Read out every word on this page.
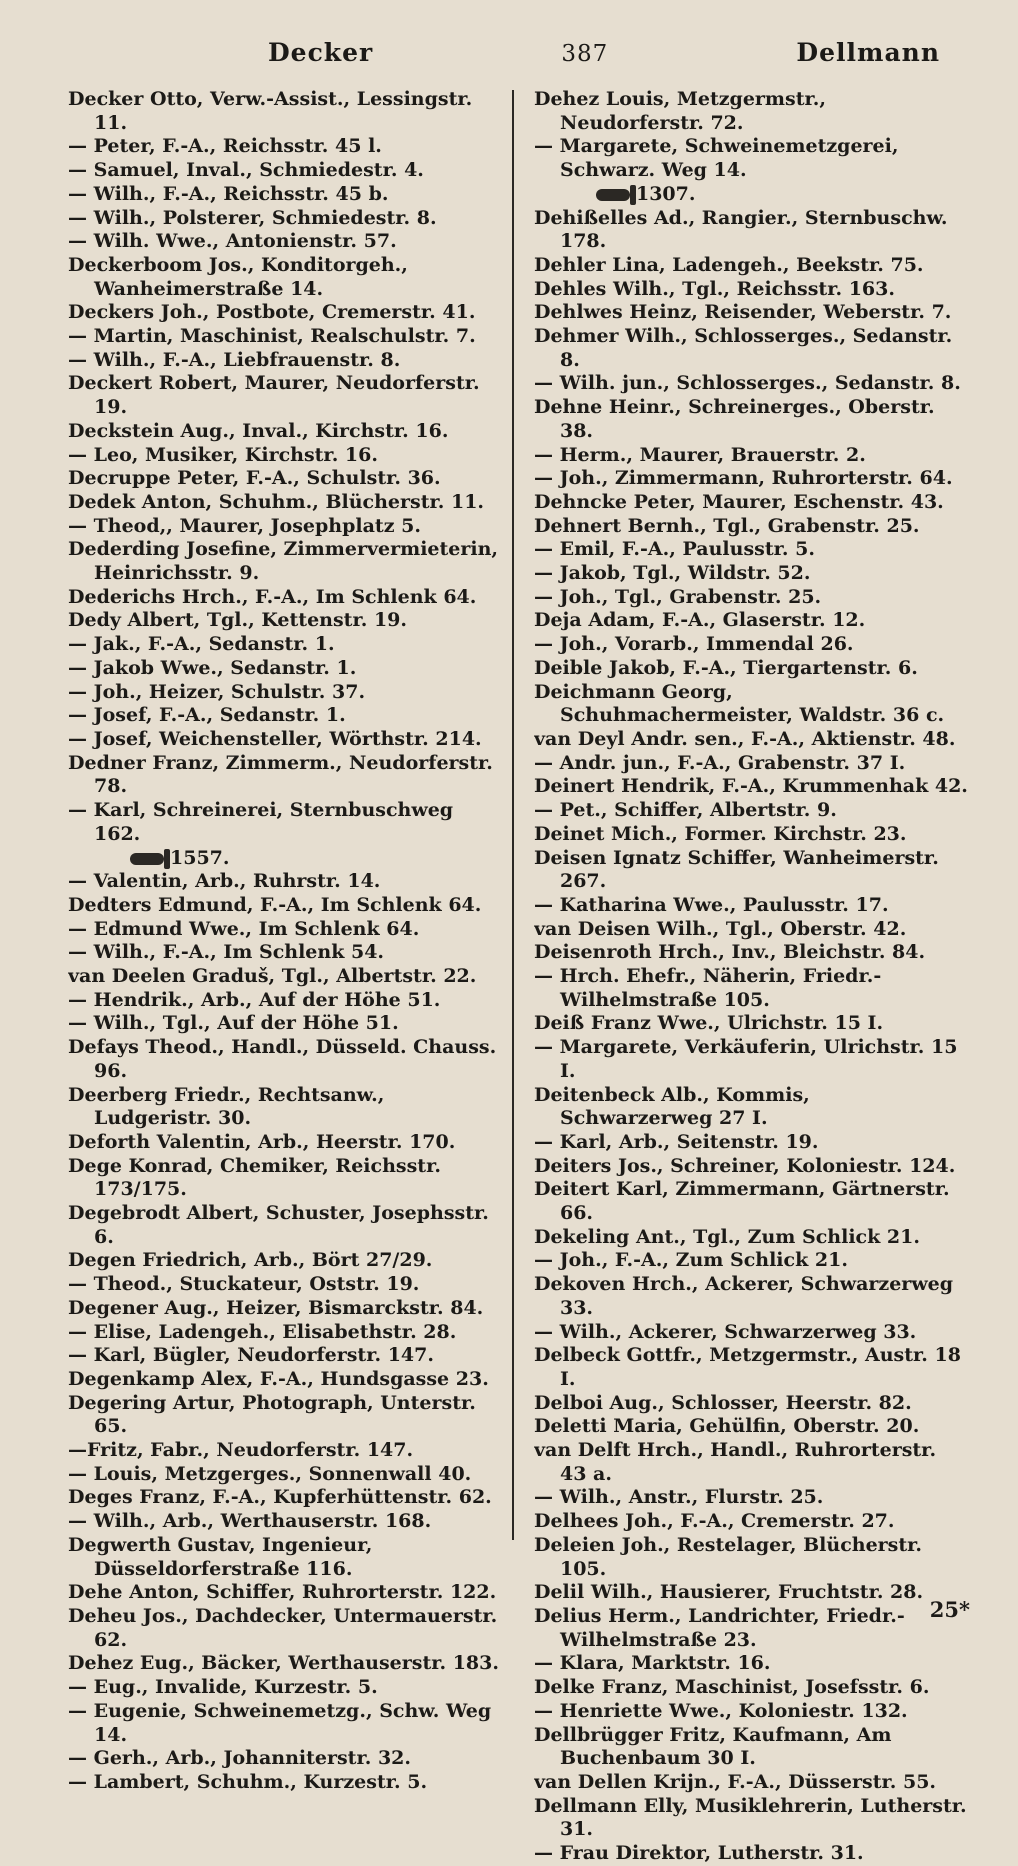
Decker	387	Dellmann
Decker Otto, Verw.-Assist., Lessingstr. 11.
— Peter, F.-A., Reichsstr. 45 l.
— Samuel, Inval., Schmiedestr. 4.
— Wilh., F.-A., Reichsstr. 45 b.
— Wilh., Polsterer, Schmiedestr. 8.
— Wilh. Wwe., Antonienstr. 57.
Deckerboom Jos., Konditorgeh., Wanheimerstraße 14.
Deckers Joh., Postbote, Cremerstr. 41.
— Martin, Maschinist, Realschulstr. 7.
— Wilh., F.-A., Liebfrauenstr. 8.
Deckert Robert, Maurer, Neudorferstr. 19.
Deckstein Aug., Inval., Kirchstr. 16.
— Leo, Musiker, Kirchstr. 16.
Decruppe Peter, F.-A., Schulstr. 36.
Dedek Anton, Schuhm., Blücherstr. 11.
— Theod,, Maurer, Josephplatz 5.
Dederding Josefine, Zimmervermieterin, Heinrichsstr. 9.
Dederichs Hrch., F.-A., Im Schlenk 64.
Dedy Albert, Tgl., Kettenstr. 19.
— Jak., F.-A., Sedanstr. 1.
— Jakob Wwe., Sedanstr. 1.
— Joh., Heizer, Schulstr. 37.
— Josef, F.-A., Sedanstr. 1.
— Josef, Weichensteller, Wörthstr. 214.
Dedner Franz, Zimmerm., Neudorferstr. 78.
— Karl, Schreinerei, Sternbuschweg 162.
1557.
— Valentin, Arb., Ruhrstr. 14.
Dedters Edmund, F.-A., Im Schlenk 64.
— Edmund Wwe., Im Schlenk 64.
— Wilh., F.-A., Im Schlenk 54.
van Deelen Graduš, Tgl., Albertstr. 22.
— Hendrik., Arb., Auf der Höhe 51.
— Wilh., Tgl., Auf der Höhe 51.
Defays Theod., Handl., Düsseld. Chauss. 96.
Deerberg Friedr., Rechtsanw., Ludgeristr. 30.
Deforth Valentin, Arb., Heerstr. 170.
Dege Konrad, Chemiker, Reichsstr. 173/175.
Degebrodt Albert, Schuster, Josephsstr. 6.
Degen Friedrich, Arb., Bört 27/29.
— Theod., Stuckateur, Oststr. 19.
Degener Aug., Heizer, Bismarckstr. 84.
— Elise, Ladengeh., Elisabethstr. 28.
— Karl, Bügler, Neudorferstr. 147.
Degenkamp Alex, F.-A., Hundsgasse 23.
Degering Artur, Photograph, Unterstr. 65.
—Fritz, Fabr., Neudorferstr. 147.
— Louis, Metzgerges., Sonnenwall 40.
Deges Franz, F.-A., Kupferhüttenstr. 62.
— Wilh., Arb., Werthauserstr. 168.
Degwerth Gustav, Ingenieur, Düsseldorferstraße 116.
Dehe Anton, Schiffer, Ruhrorterstr. 122.
Deheu Jos., Dachdecker, Untermauerstr. 62.
Dehez Eug., Bäcker, Werthauserstr. 183.
— Eug., Invalide, Kurzestr. 5.
— Eugenie, Schweinemetzg., Schw. Weg 14.
— Gerh., Arb., Johanniterstr. 32.
— Lambert, Schuhm., Kurzestr. 5.
Dehez Louis, Metzgermstr., Neudorferstr. 72.
— Margarete, Schweinemetzgerei, Schwarz. Weg 14.
1307.
Dehißelles Ad., Rangier., Sternbuschw. 178.
Dehler Lina, Ladengeh., Beekstr. 75.
Dehles Wilh., Tgl., Reichsstr. 163.
Dehlwes Heinz, Reisender, Weberstr. 7.
Dehmer Wilh., Schlosserges., Sedanstr. 8.
— Wilh. jun., Schlosserges., Sedanstr. 8.
Dehne Heinr., Schreinerges., Oberstr. 38.
— Herm., Maurer, Brauerstr. 2.
— Joh., Zimmermann, Ruhrorterstr. 64.
Dehncke Peter, Maurer, Eschenstr. 43.
Dehnert Bernh., Tgl., Grabenstr. 25.
— Emil, F.-A., Paulusstr. 5.
— Jakob, Tgl., Wildstr. 52.
— Joh., Tgl., Grabenstr. 25.
Deja Adam, F.-A., Glaserstr. 12.
— Joh., Vorarb., Immendal 26.
Deible Jakob, F.-A., Tiergartenstr. 6.
Deichmann Georg, Schuhmachermeister, Waldstr. 36 c.
van Deyl Andr. sen., F.-A., Aktienstr. 48.
— Andr. jun., F.-A., Grabenstr. 37 I.
Deinert Hendrik, F.-A., Krummenhak 42.
— Pet., Schiffer, Albertstr. 9.
Deinet Mich., Former. Kirchstr. 23.
Deisen Ignatz Schiffer, Wanheimerstr. 267.
— Katharina Wwe., Paulusstr. 17.
van Deisen Wilh., Tgl., Oberstr. 42.
Deisenroth Hrch., Inv., Bleichstr. 84.
— Hrch. Ehefr., Näherin, Friedr.-Wilhelmstraße 105.
Deiß Franz Wwe., Ulrichstr. 15 I.
— Margarete, Verkäuferin, Ulrichstr. 15 I.
Deitenbeck Alb., Kommis, Schwarzerweg 27 I.
— Karl, Arb., Seitenstr. 19.
Deiters Jos., Schreiner, Koloniestr. 124.
Deitert Karl, Zimmermann, Gärtnerstr. 66.
Dekeling Ant., Tgl., Zum Schlick 21.
— Joh., F.-A., Zum Schlick 21.
Dekoven Hrch., Ackerer, Schwarzerweg 33.
— Wilh., Ackerer, Schwarzerweg 33.
Delbeck Gottfr., Metzgermstr., Austr. 18 I.
Delboi Aug., Schlosser, Heerstr. 82.
Deletti Maria, Gehülfin, Oberstr. 20.
van Delft Hrch., Handl., Ruhrorterstr. 43 a.
— Wilh., Anstr., Flurstr. 25.
Delhees Joh., F.-A., Cremerstr. 27.
Deleien Joh., Restelager, Blücherstr. 105.
Delil Wilh., Hausierer, Fruchtstr. 28.
Delius Herm., Landrichter, Friedr.-Wilhelmstraße 23.
— Klara, Marktstr. 16.
Delke Franz, Maschinist, Josefsstr. 6.
— Henriette Wwe., Koloniestr. 132.
Dellbrügger Fritz, Kaufmann, Am Buchenbaum 30 I.
van Dellen Krijn., F.-A., Düsserstr. 55.
Dellmann Elly, Musiklehrerin, Lutherstr. 31.
— Frau Direktor, Lutherstr. 31.
25*
